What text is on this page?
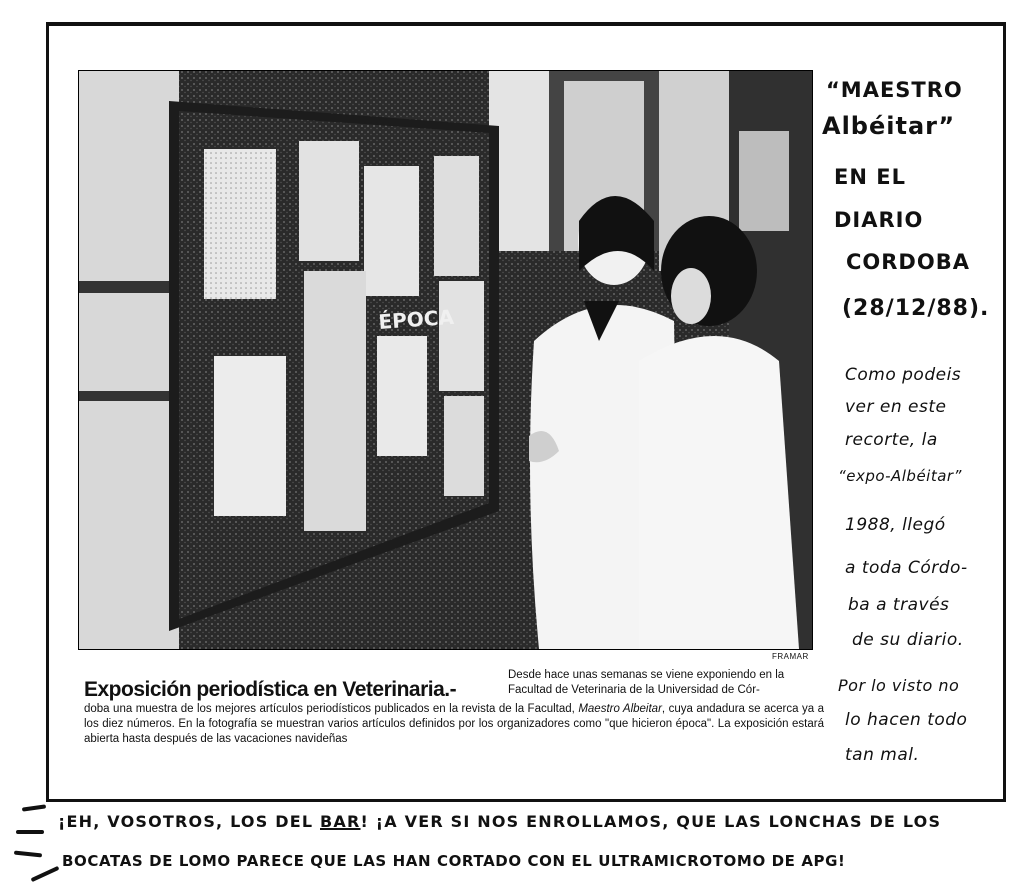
ÉPOCA
FRAMAR
Exposición periodística en Veterinaria.-
Desde hace unas semanas se viene exponiendo en la Facultad de Veterinaria de la Universidad de Cór-
doba una muestra de los mejores artículos periodísticos publicados en la revista de la Facultad, Maestro Albeitar, cuya andadura se acerca ya a los diez números. En la fotografía se muestran varios artículos definidos por los organizadores como "que hicieron época". La exposición estará abierta hasta después de las vacaciones navideñas
“MAESTRO
Albéitar”
EN EL
DIARIO
CORDOBA
(28/12/88).
Como podeis
ver en este
recorte, la
“expo-Albéitar”
1988, llegó
a toda Córdo-
ba a través
de su diario.
Por lo visto no
lo hacen todo
tan mal.
¡EH, VOSOTROS, LOS DEL BAR! ¡A VER SI NOS ENROLLAMOS, QUE LAS LONCHAS DE LOS
BOCATAS DE LOMO PARECE QUE LAS HAN CORTADO CON EL ULTRAMICROTOMO DE APG!
